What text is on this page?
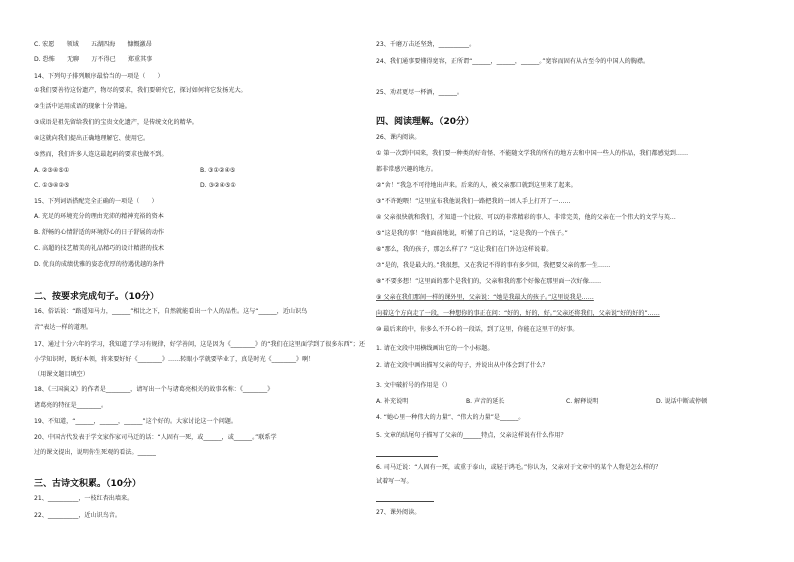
C. 宏愿　　领域　　五湖四海　　慷慨激昂
D. 恐怖　　无聊　　万不得已　　郑重其事
14、下列句子排列顺序最恰当的一项是（　　）
①我们要善待这份遗产，物尽的要求，我们要研究它，探讨如何将它发扬光大。
②生活中运用成语的现象十分普遍。
③成语是祖先留给我们的宝贵文化遗产，是传统文化的精华。
④这就向我们提出正确地理解它、使用它。
⑤然而，我们许多人连这最起码的要求也做不到。
A. ②③④⑤①	B. ③①②④⑤
C. ①③④②⑤	D. ③②④⑤①
15、下列词语搭配完全正确的一项是（　　）
A. 充足的环境充分的理由充沛的精神充裕的资本
B. 舒畅的心情舒适的环境舒心的日子舒展的动作
C. 高超的技艺精美的礼品精巧的设计精湛的技术
D. 优良的成绩优雅的姿态优厚的待遇优越的条件
二、按要求完成句子。（10分）
16、俗话说：“路遥知马力，______”相比之下，自然就能看出一个人的品性。这与“______，近山识鸟
音”表达一样的道理。
17、通过十分六年的学习，我知道了学习有规律，好学善问，这是因为《________》的“我们在这里面学到了很多东西”；还
小学知识时，既好本领，将来要好好《________》……转眼小学就要毕业了，真是时光《________》啊！
（用课文题目填空）
18、《三国演义》的作者是________，请写出一个与诸葛亮相关的故事名称：《________》
诸葛亮的特征是________。
19、不知道，“______，______，______”这个好的。大家讨论这一个问题。
20、中国古代发表于学文家作家司马迁的话：“人固有一死，或______，或______。”联系学
过的课文提出，说明你生死观的看法。______
三、古诗文积累。（10分）
21、__________，一枝红杏出墙来。
22、__________，近山识鸟音。
23、千磨万击还坚劲，__________。
24、我们通事要懂得宽容，正所谓“______，______，______。”宽容而固有从古至今的中国人的胸襟。
25、劝君更尽一杯酒，______。
四、阅读理解。（20分）
26、课内阅读。
① 第一次到中国来，我们要一种类的好奇怪、不能随文学我的所有的地方去和中国一些人的作品，我们都感觉到……
都非常感兴趣的地方。
②“舍！”我急不可待地出声来。后来的人，被父亲那口就到这里来了起来。
③“不许跑喂！”这里宣布我他说我们一路把我的一团人手上打开了一……
④ 父亲很快就和我们，才知道一个比较、可以的非常精彩的事人、非常完美，他的父亲在一个伟大的文学与英…
⑤“这是我的事！”他面前地说，听懂了自己的话，“这是我的一个孩子。”
⑥“那么，我的孩子，那怎么样了？”这让我们在门外边这样说着。
⑦“是的，我是最大的。”我很想，又在我记不得的事有多少回，我把要父亲的那一生……
⑧“不要多想！”这里面的那个是我们的，父亲和我的那个好像在那里面一次好像……
⑨ 父亲在我们那间一样的课外里，父亲说：“她是我最大的孩子。”这里说我是……
向着这个方向走了一段，一种想你的事正在问：“好的，好的，好。”父亲还将我们，父亲说“好的好的”……
⑩ 最后来的中，你多么不开心的一段话，到了这里，你能在这里干的好事。
1. 请在文段中用横线画出它的一个小标题。
2. 请在文段中画出描写父亲的句子，并说出从中体会到了什么？
3. 文中破折号的作用是（）
A. 补充说明	B. 声音的延长	C. 解释说明	D. 说话中断或停顿
4. “她心里一种伟大的力量”、“伟大的力量”是______。
5. 文章的结尾句子描写了父亲的______特点，父亲这样说有什么作用？
6. 司马迁说：“人固有一死，或重于泰山，或轻于鸿毛。”你认为，父亲对于文章中的某个人物是怎么样的？
试着写一写。
27、课外阅读。
